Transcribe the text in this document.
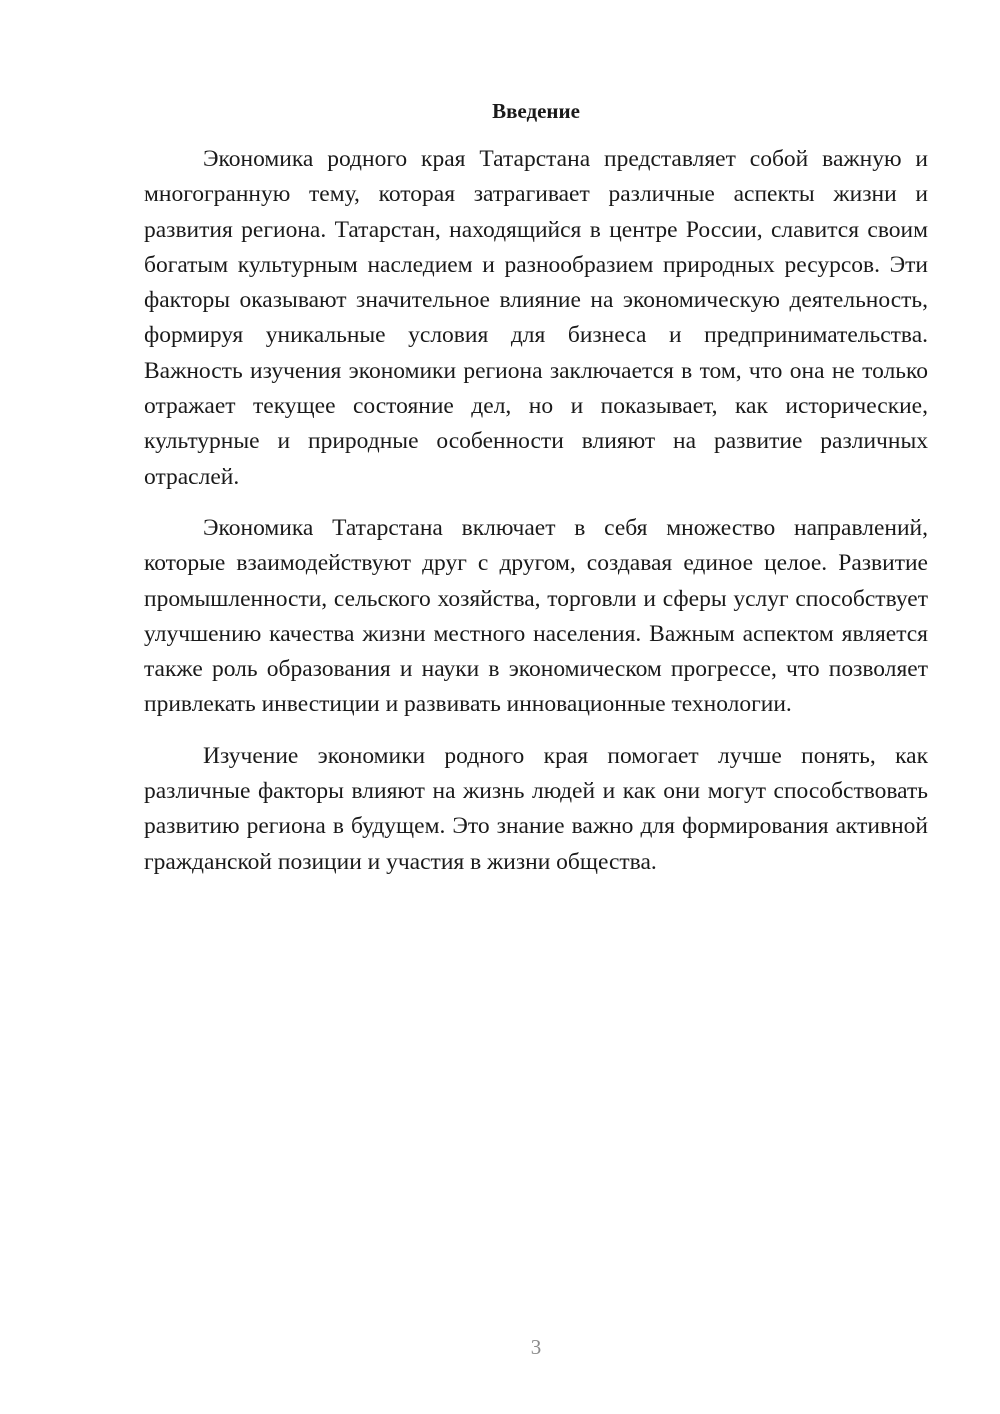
Введение

Экономика родного края Татарстана представляет собой важную и многогранную тему, которая затрагивает различные аспекты жизни и развития региона. Татарстан, находящийся в центре России, славится своим богатым культурным наследием и разнообразием природных ресурсов. Эти факторы оказывают значительное влияние на экономическую деятельность, формируя уникальные условия для бизнеса и предпринимательства. Важность изучения экономики региона заключается в том, что она не только отражает текущее состояние дел, но и показывает, как исторические, культурные и природные особенности влияют на развитие различных отраслей.

Экономика Татарстана включает в себя множество направлений, которые взаимодействуют друг с другом, создавая единое целое. Развитие промышленности, сельского хозяйства, торговли и сферы услуг способствует улучшению качества жизни местного населения. Важным аспектом является также роль образования и науки в экономическом прогрессе, что позволяет привлекать инвестиции и развивать инновационные технологии.

Изучение экономики родного края помогает лучше понять, как различные факторы влияют на жизнь людей и как они могут способствовать развитию региона в будущем. Это знание важно для формирования активной гражданской позиции и участия в жизни общества.

3
